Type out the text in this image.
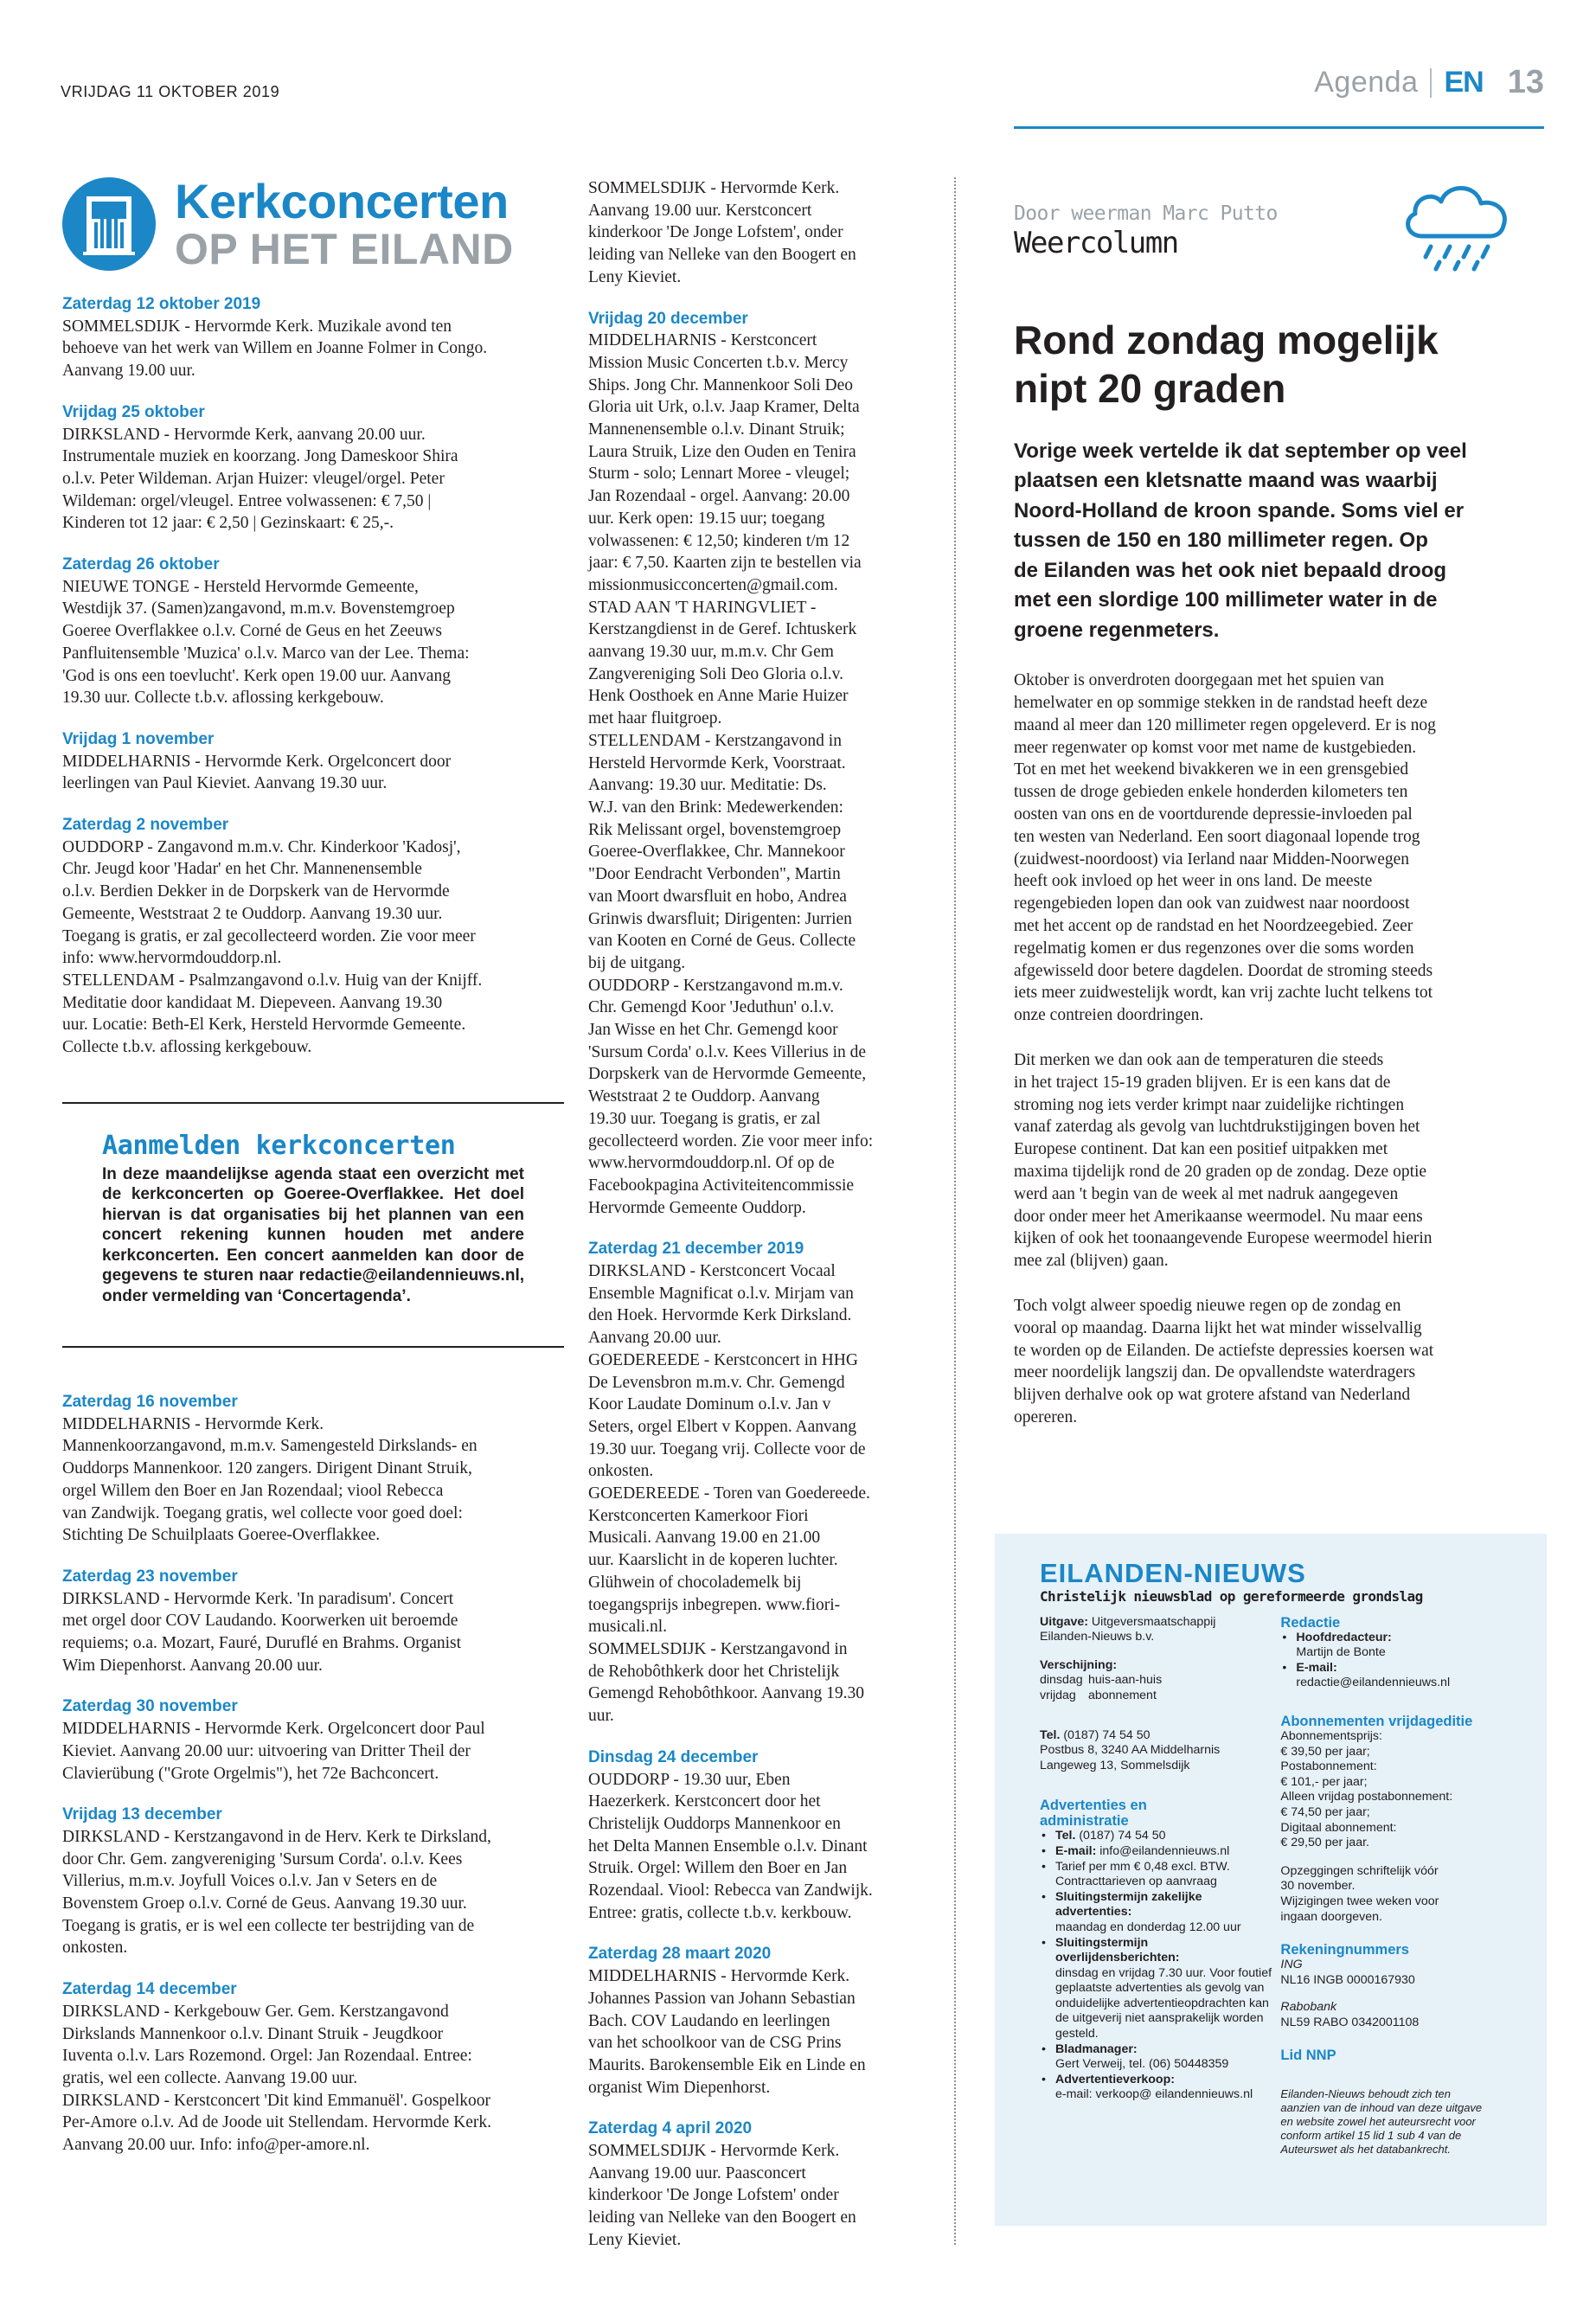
VRIJDAG 11 OKTOBER 2019	Agenda EN 13
Kerkconcerten
OP HET EILAND
Zaterdag 12 oktober 2019

SOMMELSDIJK - Hervormde Kerk. Muzikale avond ten

behoeve van het werk van Willem en Joanne Folmer in Congo.

Aanvang 19.00 uur.

Vrijdag 25 oktober

DIRKSLAND - Hervormde Kerk, aanvang 20.00 uur.

Instrumentale muziek en koorzang. Jong Dameskoor Shira

o.l.v. Peter Wildeman. Arjan Huizer: vleugel/orgel. Peter

Wildeman: orgel/vleugel. Entree volwassenen: € 7,50 |

Kinderen tot 12 jaar: € 2,50 | Gezinskaart: € 25,-.

Zaterdag 26 oktober

NIEUWE TONGE - Hersteld Hervormde Gemeente,

Westdijk 37. (Samen)zangavond, m.m.v. Bovenstemgroep

Goeree Overflakkee o.l.v. Corné de Geus en het Zeeuws

Panfluitensemble 'Muzica' o.l.v. Marco van der Lee. Thema:

'God is ons een toevlucht'. Kerk open 19.00 uur. Aanvang

19.30 uur. Collecte t.b.v. aflossing kerkgebouw.

Vrijdag 1 november

MIDDELHARNIS - Hervormde Kerk. Orgelconcert door

leerlingen van Paul Kieviet. Aanvang 19.30 uur.

Zaterdag 2 november

OUDDORP - Zangavond m.m.v. Chr. Kinderkoor 'Kadosj',

Chr. Jeugd koor 'Hadar' en het Chr. Mannenensemble

o.l.v. Berdien Dekker in de Dorpskerk van de Hervormde

Gemeente, Weststraat 2 te Ouddorp. Aanvang 19.30 uur.

Toegang is gratis, er zal gecollecteerd worden. Zie voor meer

info: www.hervormdouddorp.nl.

STELLENDAM - Psalmzangavond o.l.v. Huig van der Knijff.

Meditatie door kandidaat M. Diepeveen. Aanvang 19.30

uur. Locatie: Beth-El Kerk, Hersteld Hervormde Gemeente.

Collecte t.b.v. aflossing kerkgebouw.

Aanmelden kerkconcerten
In deze maandelijkse agenda staat een overzicht met de kerkconcerten op Goeree-Overflakkee. Het doel hiervan is dat organisaties bij het plannen van een concert rekening kunnen houden met andere kerkconcerten. Een concert aanmelden kan door de gegevens te sturen naar redactie@eilandennieuws.nl, onder vermelding van ‘Concertagenda’.
Zaterdag 16 november

MIDDELHARNIS - Hervormde Kerk.

Mannenkoorzangavond, m.m.v. Samengesteld Dirkslands- en

Ouddorps Mannenkoor. 120 zangers. Dirigent Dinant Struik,

orgel Willem den Boer en Jan Rozendaal; viool Rebecca

van Zandwijk. Toegang gratis, wel collecte voor goed doel:

Stichting De Schuilplaats Goeree-Overflakkee.

Zaterdag 23 november

DIRKSLAND - Hervormde Kerk. 'In paradisum'. Concert

met orgel door COV Laudando. Koorwerken uit beroemde

requiems; o.a. Mozart, Fauré, Duruflé en Brahms. Organist

Wim Diepenhorst. Aanvang 20.00 uur.

Zaterdag 30 november

MIDDELHARNIS - Hervormde Kerk. Orgelconcert door Paul

Kieviet. Aanvang 20.00 uur: uitvoering van Dritter Theil der

Clavierübung ("Grote Orgelmis"), het 72e Bachconcert.

Vrijdag 13 december

DIRKSLAND - Kerstzangavond in de Herv. Kerk te Dirksland,

door Chr. Gem. zangvereniging 'Sursum Corda'. o.l.v. Kees

Villerius, m.m.v. Joyfull Voices o.l.v. Jan v Seters en de

Bovenstem Groep o.l.v. Corné de Geus. Aanvang 19.30 uur.

Toegang is gratis, er is wel een collecte ter bestrijding van de

onkosten.

Zaterdag 14 december

DIRKSLAND - Kerkgebouw Ger. Gem. Kerstzangavond

Dirkslands Mannenkoor o.l.v. Dinant Struik - Jeugdkoor

Iuventa o.l.v. Lars Rozemond. Orgel: Jan Rozendaal. Entree:

gratis, wel een collecte. Aanvang 19.00 uur.

DIRKSLAND - Kerstconcert 'Dit kind Emmanuël'. Gospelkoor

Per-Amore o.l.v. Ad de Joode uit Stellendam. Hervormde Kerk.

Aanvang 20.00 uur. Info: info@per-amore.nl.

SOMMELSDIJK - Hervormde Kerk.

Aanvang 19.00 uur. Kerstconcert

kinderkoor 'De Jonge Lofstem', onder

leiding van Nelleke van den Boogert en

Leny Kieviet.

Vrijdag 20 december

MIDDELHARNIS - Kerstconcert

Mission Music Concerten t.b.v. Mercy

Ships. Jong Chr. Mannenkoor Soli Deo

Gloria uit Urk, o.l.v. Jaap Kramer, Delta

Mannenensemble o.l.v. Dinant Struik;

Laura Struik, Lize den Ouden en Tenira

Sturm - solo; Lennart Moree - vleugel;

Jan Rozendaal - orgel. Aanvang: 20.00

uur. Kerk open: 19.15 uur; toegang

volwassenen: € 12,50; kinderen t/m 12

jaar: € 7,50. Kaarten zijn te bestellen via

missionmusicconcerten@gmail.com.

STAD AAN 'T HARINGVLIET -

Kerstzangdienst in de Geref. Ichtuskerk

aanvang 19.30 uur, m.m.v. Chr Gem

Zangvereniging Soli Deo Gloria o.l.v.

Henk Oosthoek en Anne Marie Huizer

met haar fluitgroep.

STELLENDAM - Kerstzangavond in

Hersteld Hervormde Kerk, Voorstraat.

Aanvang: 19.30 uur. Meditatie: Ds.

W.J. van den Brink: Medewerkenden:

Rik Melissant orgel, bovenstemgroep

Goeree-Overflakkee, Chr. Mannekoor

"Door Eendracht Verbonden", Martin

van Moort dwarsfluit en hobo, Andrea

Grinwis dwarsfluit; Dirigenten: Jurrien

van Kooten en Corné de Geus. Collecte

bij de uitgang.

OUDDORP - Kerstzangavond m.m.v.

Chr. Gemengd Koor 'Jeduthun' o.l.v.

Jan Wisse en het Chr. Gemengd koor

'Sursum Corda' o.l.v. Kees Villerius in de

Dorpskerk van de Hervormde Gemeente,

Weststraat 2 te Ouddorp. Aanvang

19.30 uur. Toegang is gratis, er zal

gecollecteerd worden. Zie voor meer info:

www.hervormdouddorp.nl. Of op de

Facebookpagina Activiteitencommissie

Hervormde Gemeente Ouddorp.

Zaterdag 21 december 2019

DIRKSLAND - Kerstconcert Vocaal

Ensemble Magnificat o.l.v. Mirjam van

den Hoek. Hervormde Kerk Dirksland.

Aanvang 20.00 uur.

GOEDEREEDE - Kerstconcert in HHG

De Levensbron m.m.v. Chr. Gemengd

Koor Laudate Dominum o.l.v. Jan v

Seters, orgel Elbert v Koppen. Aanvang

19.30 uur. Toegang vrij. Collecte voor de

onkosten.

GOEDEREEDE - Toren van Goedereede.

Kerstconcerten Kamerkoor Fiori

Musicali. Aanvang 19.00 en 21.00

uur. Kaarslicht in de koperen luchter.

Glühwein of chocolademelk bij

toegangsprijs inbegrepen. www.fiori-

musicali.nl.

SOMMELSDIJK - Kerstzangavond in

de Rehobôthkerk door het Christelijk

Gemengd Rehobôthkoor. Aanvang 19.30

uur.

Dinsdag 24 december

OUDDORP - 19.30 uur, Eben

Haezerkerk. Kerstconcert door het

Christelijk Ouddorps Mannenkoor en

het Delta Mannen Ensemble o.l.v. Dinant

Struik. Orgel: Willem den Boer en Jan

Rozendaal. Viool: Rebecca van Zandwijk.

Entree: gratis, collecte t.b.v. kerkbouw.

Zaterdag 28 maart 2020

MIDDELHARNIS - Hervormde Kerk.

Johannes Passion van Johann Sebastian

Bach. COV Laudando en leerlingen

van het schoolkoor van de CSG Prins

Maurits. Barokensemble Eik en Linde en

organist Wim Diepenhorst.

Zaterdag 4 april 2020

SOMMELSDIJK - Hervormde Kerk.

Aanvang 19.00 uur. Paasconcert

kinderkoor 'De Jonge Lofstem' onder

leiding van Nelleke van den Boogert en

Leny Kieviet.

Door weerman Marc Putto
Weercolumn
Rond zondag mogelijk
nipt 20 graden
Vorige week vertelde ik dat september op veel
plaatsen een kletsnatte maand was waarbij
Noord-Holland de kroon spande. Soms viel er
tussen de 150 en 180 millimeter regen. Op
de Eilanden was het ook niet bepaald droog
met een slordige 100 millimeter water in de
groene regenmeters.

Oktober is onverdroten doorgegaan met het spuien van
hemelwater en op sommige stekken in de randstad heeft deze
maand al meer dan 120 millimeter regen opgeleverd. Er is nog
meer regenwater op komst voor met name de kustgebieden.
Tot en met het weekend bivakkeren we in een grensgebied
tussen de droge gebieden enkele honderden kilometers ten
oosten van ons en de voortdurende depressie-invloeden pal
ten westen van Nederland. Een soort diagonaal lopende trog
(zuidwest-noordoost) via Ierland naar Midden-Noorwegen
heeft ook invloed op het weer in ons land. De meeste
regengebieden lopen dan ook van zuidwest naar noordoost
met het accent op de randstad en het Noordzeegebied. Zeer
regelmatig komen er dus regenzones over die soms worden
afgewisseld door betere dagdelen. Doordat de stroming steeds
iets meer zuidwestelijk wordt, kan vrij zachte lucht telkens tot
onze contreien doordringen.

Dit merken we dan ook aan de temperaturen die steeds
in het traject 15-19 graden blijven. Er is een kans dat de
stroming nog iets verder krimpt naar zuidelijke richtingen
vanaf zaterdag als gevolg van luchtdrukstijgingen boven het
Europese continent. Dat kan een positief uitpakken met
maxima tijdelijk rond de 20 graden op de zondag. Deze optie
werd aan 't begin van de week al met nadruk aangegeven
door onder meer het Amerikaanse weermodel. Nu maar eens
kijken of ook het toonaangevende Europese weermodel hierin
mee zal (blijven) gaan.

Toch volgt alweer spoedig nieuwe regen op de zondag en
vooral op maandag. Daarna lijkt het wat minder wisselvallig
te worden op de Eilanden. De actiefste depressies koersen wat
meer noordelijk langszij dan. De opvallendste waterdragers
blijven derhalve ook op wat grotere afstand van Nederland
opereren.

EILANDEN-NIEUWS
Christelijk nieuwsblad op gereformeerde grondslag
Uitgave: Uitgeversmaatschappij
Eilanden-Nieuws b.v.
Verschijning:
dinsdag huis-aan-huis
vrijdag abonnement
Tel. (0187) 74 54 50
Postbus 8, 3240 AA Middelharnis
Langeweg 13, Sommelsdijk
Advertenties en
administratie
• Tel. (0187) 74 54 50
• E-mail: info@eilandennieuws.nl
• Tarief per mm € 0,48 excl. BTW. Contracttarieven op aanvraag
• Sluitingstermijn zakelijke advertenties:
maandag en donderdag 12.00 uur
• Sluitingstermijn overlijdensberichten:
dinsdag en vrijdag 7.30 uur. Voor foutief geplaatste advertenties als gevolg van onduidelijke advertentieopdrachten kan de uitgeverij niet aansprakelijk worden gesteld.
• Bladmanager:
Gert Verweij, tel. (06) 50448359
• Advertentieverkoop:
e-mail: verkoop@ eilandennieuws.nl
Redactie
• Hoofdredacteur:
Martijn de Bonte
• E-mail:
redactie@eilandennieuws.nl
Abonnementen vrijdageditie
Abonnementsprijs:
€ 39,50 per jaar;
Postabonnement:
€ 101,- per jaar;
Alleen vrijdag postabonnement:
€ 74,50 per jaar;
Digitaal abonnement:
€ 29,50 per jaar.
Opzeggingen schriftelijk vóór
30 november.
Wijzigingen twee weken voor
ingaan doorgeven.
Rekeningnummers
ING
NL16 INGB 0000167930
Rabobank
NL59 RABO 0342001108
Lid NNP
Eilanden-Nieuws behoudt zich ten
aanzien van de inhoud van deze uitgave
en website zowel het auteursrecht voor
conform artikel 15 lid 1 sub 4 van de
Auteurswet als het databankrecht.
